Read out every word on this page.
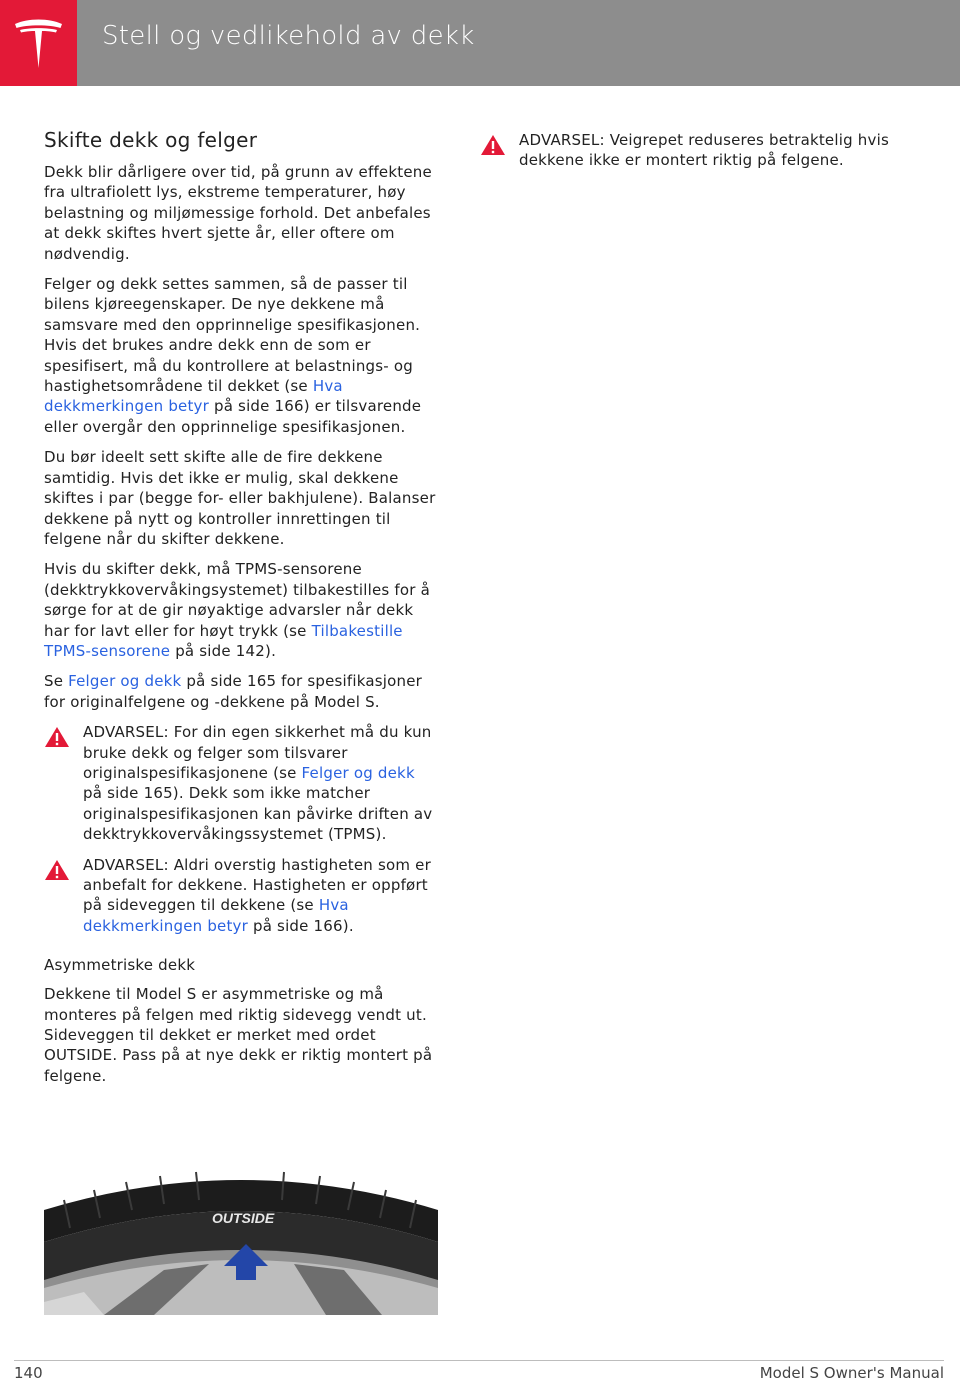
Stell og vedlikehold av dekk
Skifte dekk og felger

Dekk blir dårligere over tid, på grunn av effektene fra ultrafiolett lys, ekstreme temperaturer, høy belastning og miljømessige forhold. Det anbefales at dekk skiftes hvert sjette år, eller oftere om nødvendig.

Felger og dekk settes sammen, så de passer til bilens kjøreegenskaper. De nye dekkene må samsvare med den opprinnelige spesifikasjonen. Hvis det brukes andre dekk enn de som er spesifisert, må du kontrollere at belastnings- og hastighetsområdene til dekket (se Hva dekkmerkingen betyr på side 166) er tilsvarende eller overgår den opprinnelige spesifikasjonen.

Du bør ideelt sett skifte alle de fire dekkene samtidig. Hvis det ikke er mulig, skal dekkene skiftes i par (begge for- eller bakhjulene). Balanser dekkene på nytt og kontroller innrettingen til felgene når du skifter dekkene.

Hvis du skifter dekk, må TPMS-sensorene (dekktrykkovervåkingsystemet) tilbakestilles for å sørge for at de gir nøyaktige advarsler når dekk har for lavt eller for høyt trykk (se Tilbakestille TPMS-sensorene på side 142).

Se Felger og dekk på side 165 for spesifikasjoner for originalfelgene og -dekkene på Model S.

ADVARSEL: For din egen sikkerhet må du kun bruke dekk og felger som tilsvarer originalspesifikasjonene (se Felger og dekk på side 165). Dekk som ikke matcher originalspesifikasjonen kan påvirke driften av dekktrykkovervåkingssystemet (TPMS).

ADVARSEL: Aldri overstig hastigheten som er anbefalt for dekkene. Hastigheten er oppført på sideveggen til dekkene (se Hva dekkmerkingen betyr på side 166).

Asymmetriske dekk

Dekkene til Model S er asymmetriske og må monteres på felgen med riktig sidevegg vendt ut. Sideveggen til dekket er merket med ordet OUTSIDE. Pass på at nye dekk er riktig montert på felgene.

OUTSIDE

ADVARSEL: Veigrepet reduseres betraktelig hvis dekkene ikke er montert riktig på felgene.

140	Model S Owner's Manual
